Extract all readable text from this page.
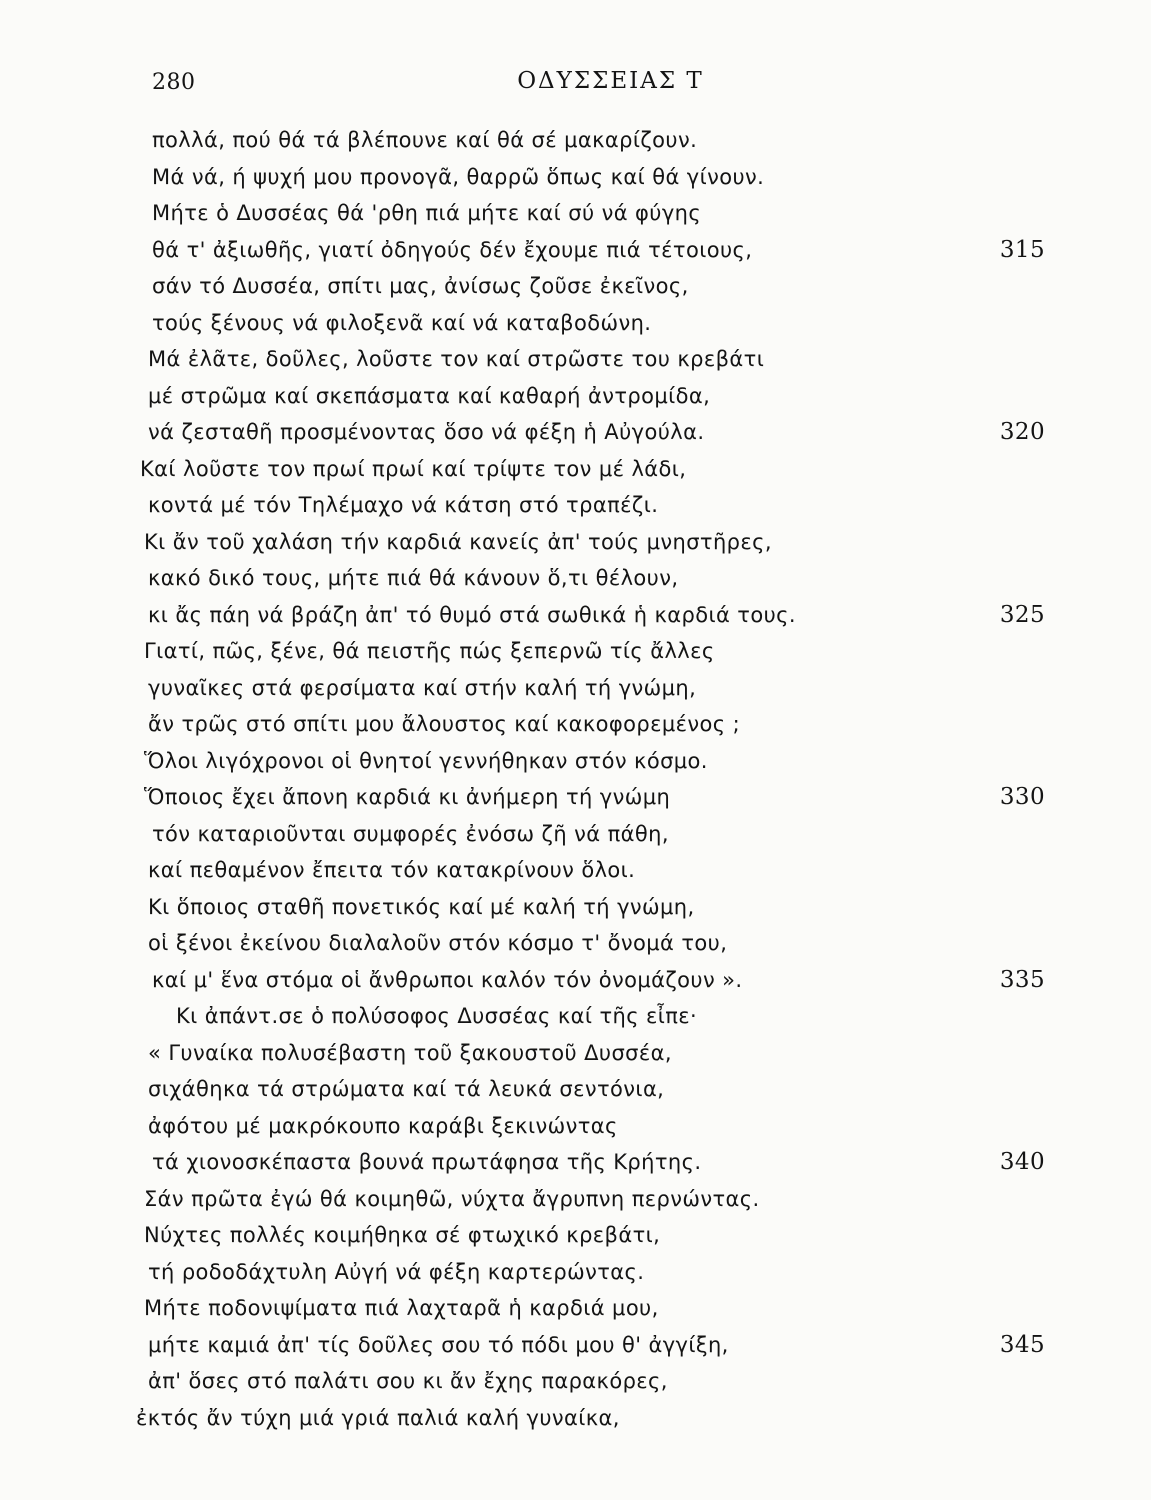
280	ΟΔΥΣΣΕΙΑΣ Τ
πολλά, πού θά τά βλέπουνε καί θά σέ μακαρίζουν.
Μά νά, ή ψυχή μου προνογᾶ, θαρρῶ ὅπως καί θά γίνουν.
Μήτε ὁ Δυσσέας θά 'ρθη πιά μήτε καί σύ νά φύγης
θά τ' ἀξιωθῆς, γιατί ὀδηγούς δέν ἔχουμε πιά τέτοιους,	315
σάν τό Δυσσέα, σπίτι μας, ἀνίσως ζοῦσε ἐκεῖνος,
τούς ξένους νά φιλοξενᾶ καί νά καταβοδώνη.
Μά ἐλᾶτε, δοῦλες, λοῦστε τον καί στρῶστε του κρεβάτι
μέ στρῶμα καί σκεπάσματα καί καθαρή ἀντρομίδα,
νά ζεσταθῆ προσμένοντας ὅσο νά φέξη ἡ Αὐγούλα.	320
Καί λοῦστε τον πρωί πρωί καί τρίψτε τον μέ λάδι,
κοντά μέ τόν Τηλέμαχο νά κάτση στό τραπέζι.
Κι ἄν τοῦ χαλάση τήν καρδιά κανείς ἀπ' τούς μνηστῆρες,
κακό δικό τους, μήτε πιά θά κάνουν ὅ,τι θέλουν,
κι ἄς πάη νά βράζη ἀπ' τό θυμό στά σωθικά ἡ καρδιά τους.	325
Γιατί, πῶς, ξένε, θά πειστῆς πώς ξεπερνῶ τίς ἄλλες
γυναῖκες στά φερσίματα καί στήν καλή τή γνώμη,
ἄν τρῶς στό σπίτι μου ἄλουστος καί κακοφορεμένος ;
Ὅλοι λιγόχρονοι οἱ θνητοί γεννήθηκαν στόν κόσμο.
Ὅποιος ἔχει ἄπονη καρδιά κι ἀνήμερη τή γνώμη	330
τόν καταριοῦνται συμφορές ἐνόσω ζῆ νά πάθη,
καί πεθαμένον ἔπειτα τόν κατακρίνουν ὅλοι.
Κι ὅποιος σταθῆ πονετικός καί μέ καλή τή γνώμη,
οἱ ξένοι ἐκείνου διαλαλοῦν στόν κόσμο τ' ὄνομά του,
καί μ' ἕνα στόμα οἱ ἄνθρωποι καλόν τόν ὀνομάζουν ».	335
Κι ἀπάντ.σε ὁ πολύσοφος Δυσσέας καί τῆς εἶπε·
« Γυναίκα πολυσέβαστη τοῦ ξακουστοῦ Δυσσέα,
σιχάθηκα τά στρώματα καί τά λευκά σεντόνια,
ἀφότου μέ μακρόκουπο καράβι ξεκινώντας
τά χιονοσκέπαστα βουνά πρωτάφησα τῆς Κρήτης.	340
Σάν πρῶτα ἐγώ θά κοιμηθῶ, νύχτα ἄγρυπνη περνώντας.
Νύχτες πολλές κοιμήθηκα σέ φτωχικό κρεβάτι,
τή ροδοδάχτυλη Αὐγή νά φέξη καρτερώντας.
Μήτε ποδονιψίματα πιά λαχταρᾶ ἡ καρδιά μου,
μήτε καμιά ἀπ' τίς δοῦλες σου τό πόδι μου θ' ἀγγίξη,	345
ἀπ' ὅσες στό παλάτι σου κι ἄν ἔχης παρακόρες,
ἐκτός ἄν τύχη μιά γριά παλιά καλή γυναίκα,
